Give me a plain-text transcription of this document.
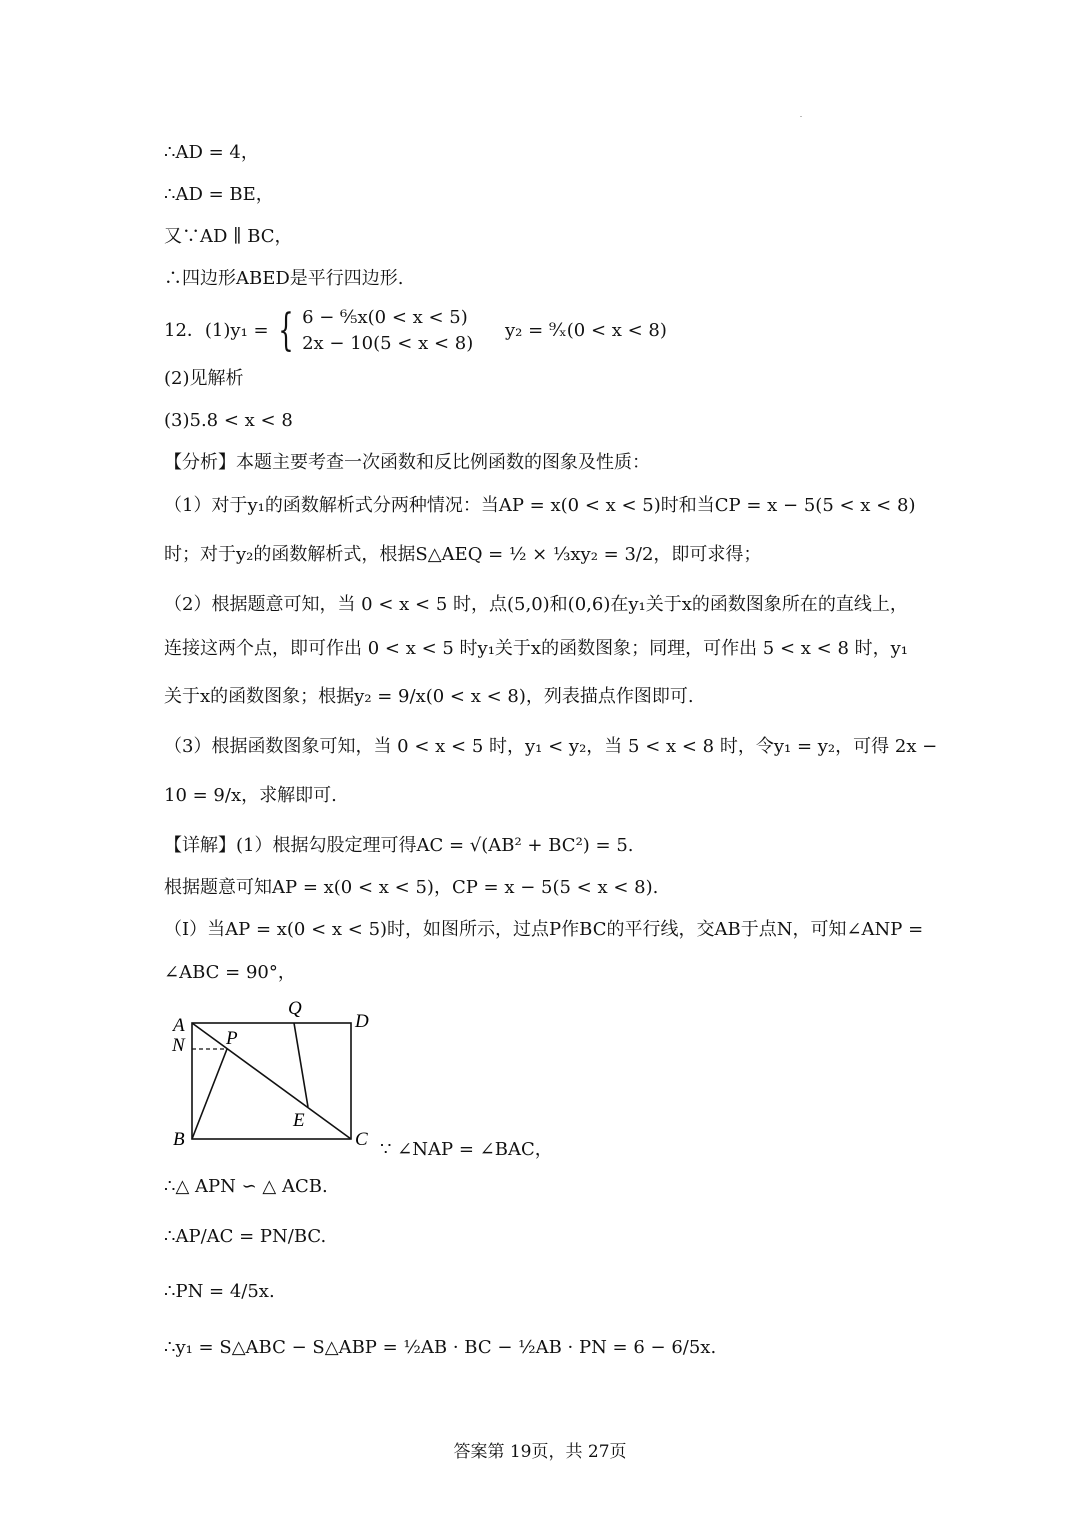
∴AD = 4，
∴AD = BE，
又∵AD ∥ BC，
∴四边形ABED是平行四边形.
12．(1)y₁ = { 6 − ⁶⁄₅x(0 < x < 5)
2x − 10(5 < x < 8)
y₂ = ⁹⁄ₓ(0 < x < 8)
(2)见解析
(3)5.8 < x < 8
【分析】本题主要考查一次函数和反比例函数的图象及性质：
（1）对于y₁的函数解析式分两种情况：当AP = x(0 < x < 5)时和当CP = x − 5(5 < x < 8)
时；对于y₂的函数解析式，根据S△AEQ = ½ × ⅓xy₂ = 3/2，即可求得；
（2）根据题意可知，当 0 < x < 5 时，点(5,0)和(0,6)在y₁关于x的函数图象所在的直线上，
连接这两个点，即可作出 0 < x < 5 时y₁关于x的函数图象；同理，可作出 5 < x < 8 时，y₁
关于x的函数图象；根据y₂ = 9/x(0 < x < 8)，列表描点作图即可.
（3）根据函数图象可知，当 0 < x < 5 时，y₁ < y₂，当 5 < x < 8 时，令y₁ = y₂，可得 2x −
10 = 9/x，求解即可.
【详解】(1）根据勾股定理可得AC = √(AB² + BC²) = 5.
根据题意可知AP = x(0 < x < 5)，CP = x − 5(5 < x < 8).
（I）当AP = x(0 < x < 5)时，如图所示，过点P作BC的平行线，交AB于点N，可知∠ANP =
∠ABC = 90°，
A
N P
Q
D
E
B	C ∵ ∠NAP = ∠BAC，
∴△ APN ∽ △ ACB.
∴AP/AC = PN/BC.
∴PN = 4/5x.
∴y₁ = S△ABC − S△ABP = ½AB · BC − ½AB · PN = 6 − 6/5x.
答案第 19页，共 27页
